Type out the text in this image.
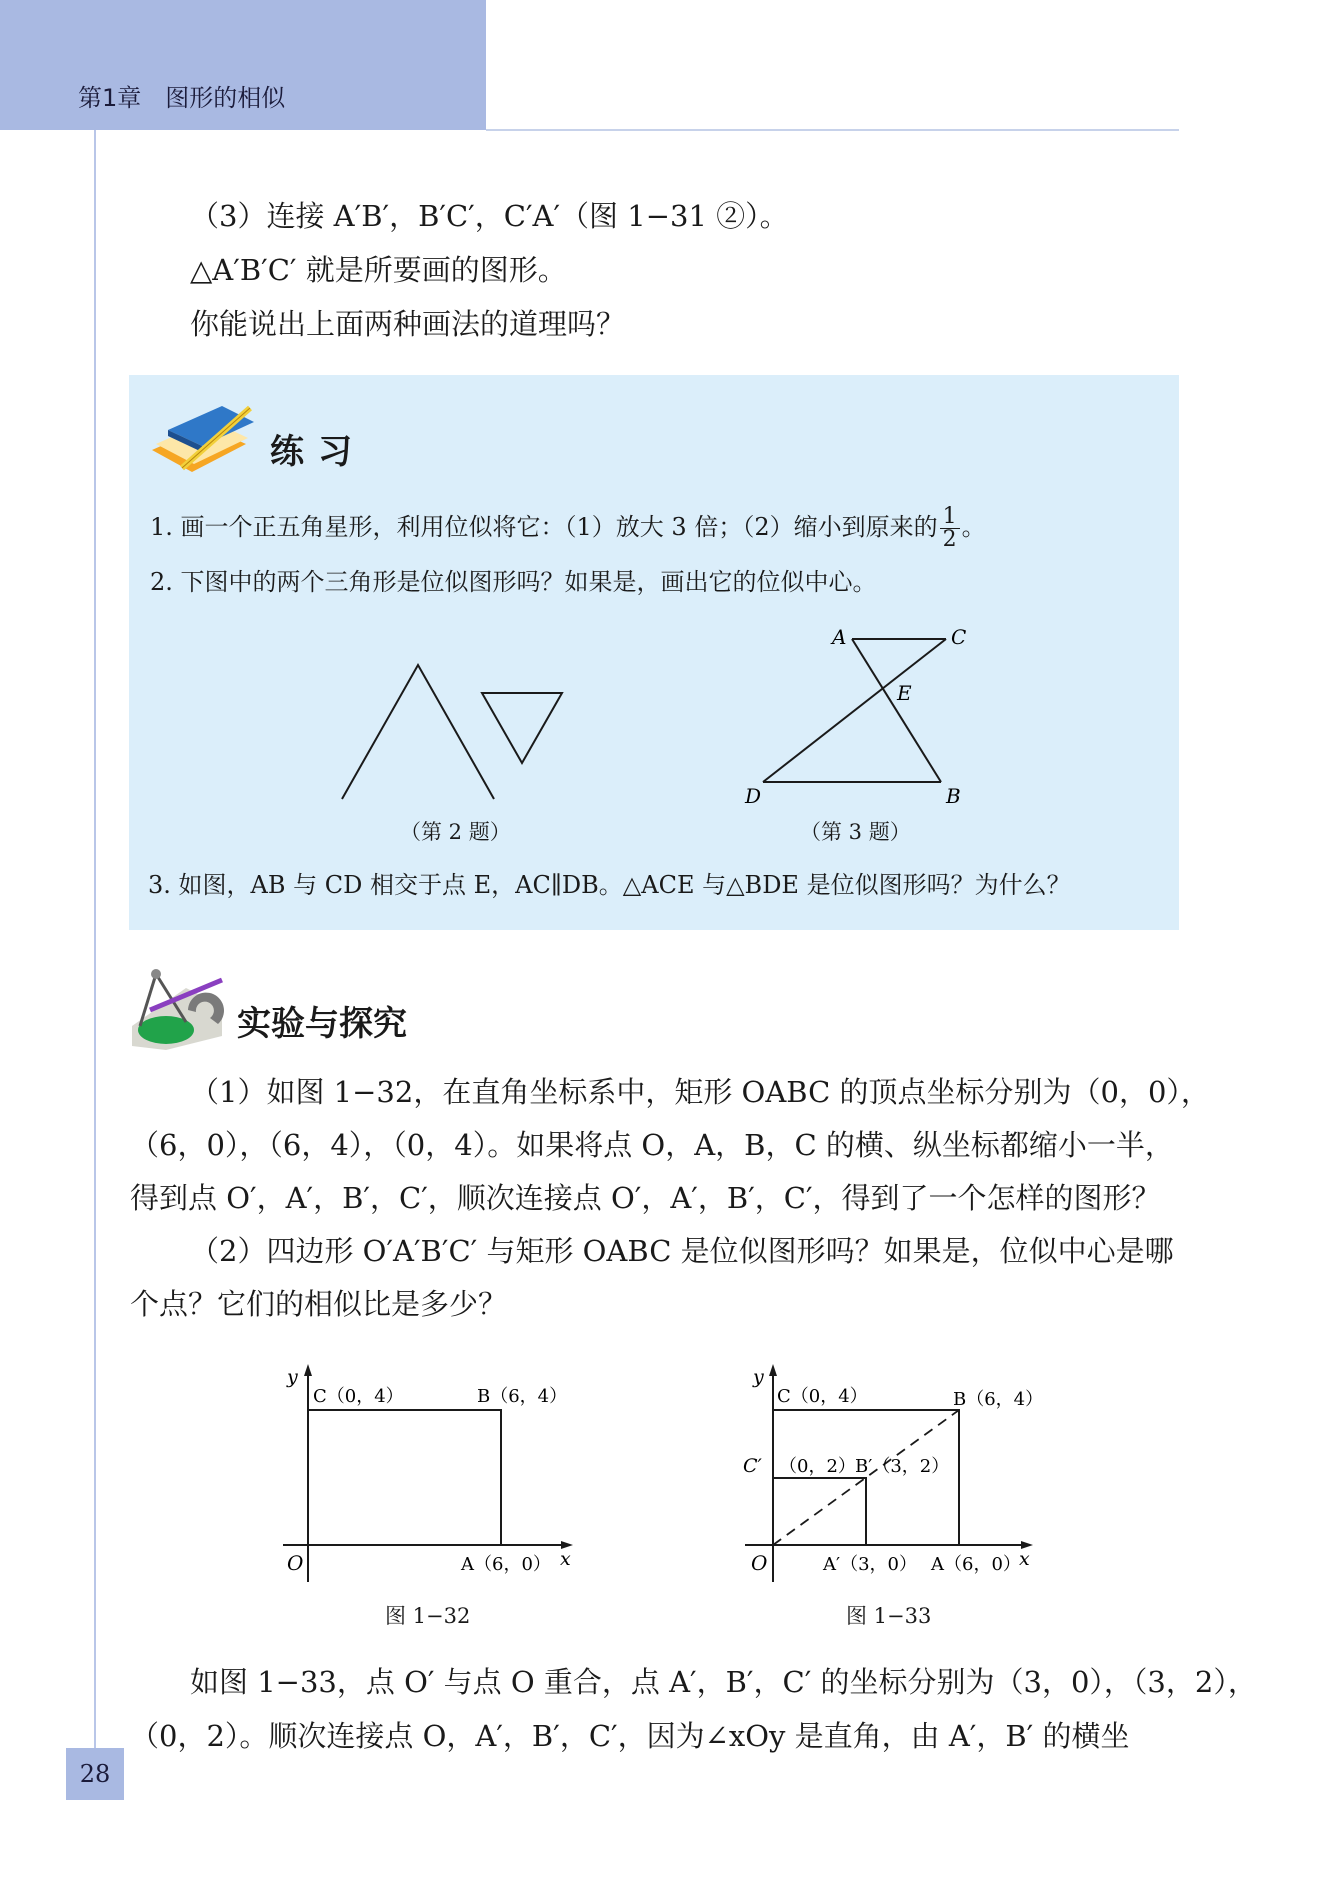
第1章　图形的相似
（3）连接 A′B′，B′C′，C′A′（图 1−31 ②）。
△A′B′C′ 就是所要画的图形。
你能说出上面两种画法的道理吗？
练习
1. 画一个正五角星形，利用位似将它：（1）放大 3 倍；（2）缩小到原来的 $\frac{1}{2}$ 。
2. 下图中的两个三角形是位似图形吗？如果是，画出它的位似中心。
（第 2 题）
A	C
E
D	B
（第 3 题）
3. 如图，AB 与 CD 相交于点 E，AC∥DB。△ACE 与△BDE 是位似图形吗？为什么？
实验与探究
（1）如图 1−32，在直角坐标系中，矩形 OABC 的顶点坐标分别为（0，0），
（6，0），（6，4），（0，4）。如果将点 O，A，B，C 的横、纵坐标都缩小一半，
得到点 O′，A′，B′，C′，顺次连接点 O′，A′，B′，C′，得到了一个怎样的图形？
（2）四边形 O′A′B′C′ 与矩形 OABC 是位似图形吗？如果是，位似中心是哪
个点？它们的相似比是多少？
y
O
C（0，4）	B（6，4）
A（6，0） x
图 1−32
y
O
C（0，4）	B（6，4）
C′ （0，2） B′（3，2）
A′（3，0） A（6，0）
x
图 1−33
如图 1−33，点 O′ 与点 O 重合，点 A′，B′，C′ 的坐标分别为（3，0），（3，2），
（0，2）。顺次连接点 O，A′，B′，C′，因为∠xOy 是直角，由 A′，B′ 的横坐
28
